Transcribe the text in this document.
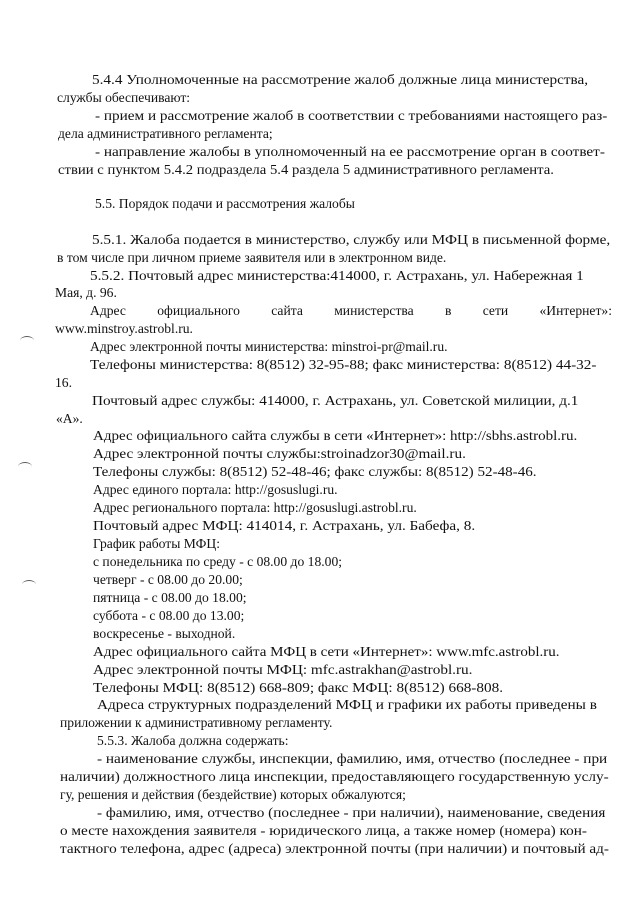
5.4.4 Уполномоченные на рассмотрение жалоб должные лица министерства,
службы обеспечивают:
- прием и рассмотрение жалоб в соответствии с требованиями настоящего раз-
дела административного регламента;
- направление жалобы в уполномоченный на ее рассмотрение орган в соответ-
ствии с пунктом 5.4.2 подраздела 5.4 раздела 5 административного регламента.
5.5. Порядок подачи и рассмотрения жалобы
5.5.1. Жалоба подается в министерство, службу или МФЦ в письменной форме,
в том числе при личном приеме заявителя или в электронном виде.
5.5.2. Почтовый адрес министерства:414000, г. Астрахань, ул. Набережная 1
Мая, д. 96.
Адрес официального сайта министерства в сети «Интернет»:
www.minstroy.astrobl.ru.
Адрес электронной почты министерства: minstroi-pr@mail.ru.
Телефоны министерства: 8(8512) 32-95-88; факс министерства: 8(8512) 44-32-
16.
Почтовый адрес службы: 414000, г. Астрахань, ул. Советской милиции, д.1
«А».
Адрес официального сайта службы в сети «Интернет»: http://sbhs.astrobl.ru.
Адрес электронной почты службы:stroinadzor30@mail.ru.
Телефоны службы: 8(8512) 52-48-46; факс службы: 8(8512) 52-48-46.
Адрес единого портала: http://gosuslugi.ru.
Адрес регионального портала: http://gosuslugi.astrobl.ru.
Почтовый адрес МФЦ: 414014, г. Астрахань, ул. Бабефа, 8.
График работы МФЦ:
с понедельника по среду - с 08.00 до 18.00;
четверг - с 08.00 до 20.00;
пятница - с 08.00 до 18.00;
суббота - с 08.00 до 13.00;
воскресенье - выходной.
Адрес официального сайта МФЦ в сети «Интернет»: www.mfc.astrobl.ru.
Адрес электронной почты МФЦ: mfc.astrakhan@astrobl.ru.
Телефоны МФЦ: 8(8512) 668-809; факс МФЦ: 8(8512) 668-808.
Адреса структурных подразделений МФЦ и графики их работы приведены в
приложении к административному регламенту.
5.5.3. Жалоба должна содержать:
- наименование службы, инспекции, фамилию, имя, отчество (последнее - при
наличии) должностного лица инспекции, предоставляющего государственную услу-
гу, решения и действия (бездействие) которых обжалуются;
- фамилию, имя, отчество (последнее - при наличии), наименование, сведения
о месте нахождения заявителя - юридического лица, а также номер (номера) кон-
тактного телефона, адрес (адреса) электронной почты (при наличии) и почтовый ад-
